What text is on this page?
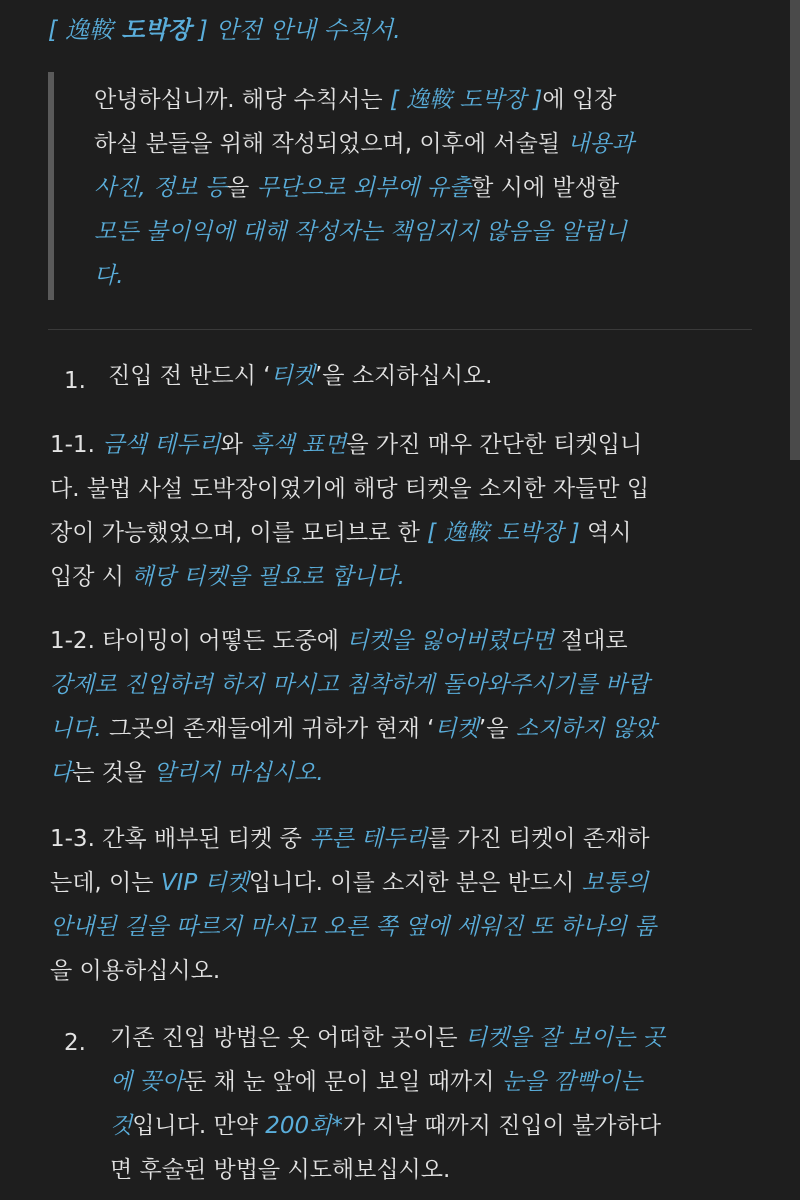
[ 逸鞍 도박장 ] 안전 안내 수칙서.
안녕하십니까. 해당 수칙서는 [ 逸鞍 도박장 ]에 입장
하실 분들을 위해 작성되었으며, 이후에 서술될 내용과
사진, 정보 등을 무단으로 외부에 유출할 시에 발생할
모든 불이익에 대해 작성자는 책임지지 않음을 알립니
다.
1. 진입 전 반드시 ‘티켓’을 소지하십시오.
1-1. 금색 테두리와 흑색 표면을 가진 매우 간단한 티켓입니
다. 불법 사설 도박장이였기에 해당 티켓을 소지한 자들만 입
장이 가능했었으며, 이를 모티브로 한 [ 逸鞍 도박장 ] 역시
입장 시 해당 티켓을 필요로 합니다.
1-2. 타이밍이 어떻든 도중에 티켓을 잃어버렸다면 절대로
강제로 진입하려 하지 마시고 침착하게 돌아와주시기를 바랍
니다. 그곳의 존재들에게 귀하가 현재 ‘티켓’을 소지하지 않았
다는 것을 알리지 마십시오.
1-3. 간혹 배부된 티켓 중 푸른 테두리를 가진 티켓이 존재하
는데, 이는 VIP 티켓입니다. 이를 소지한 분은 반드시 보통의
안내된 길을 따르지 마시고 오른 쪽 옆에 세워진 또 하나의 룸
을 이용하십시오.
2. 기존 진입 방법은 옷 어떠한 곳이든 티켓을 잘 보이는 곳
에 꽂아둔 채 눈 앞에 문이 보일 때까지 눈을 깜빡이는
것입니다. 만약 200회*가 지날 때까지 진입이 불가하다
면 후술된 방법을 시도해보십시오.
